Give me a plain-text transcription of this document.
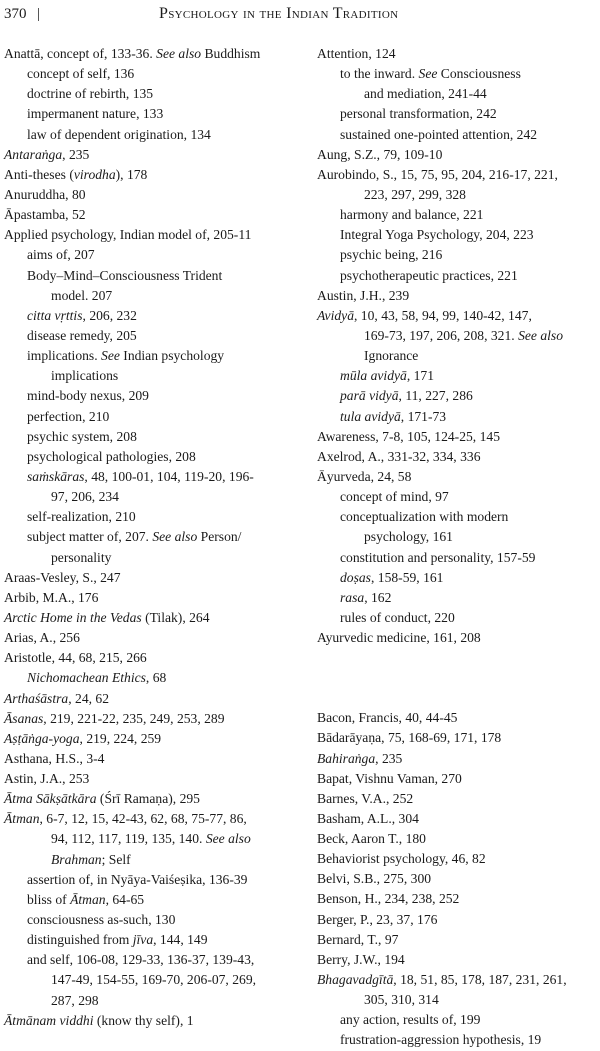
370 |	Psychology in the Indian Tradition
Anattā, concept of, 133-36. See also Buddhism
concept of self, 136
doctrine of rebirth, 135
impermanent nature, 133
law of dependent origination, 134
Antaraṅga, 235
Anti-theses (virodha), 178
Anuruddha, 80
Āpastamba, 52
Applied psychology, Indian model of, 205-11
aims of, 207
Body–Mind–Consciousness Trident
model. 207
citta vṛttis, 206, 232
disease remedy, 205
implications. See Indian psychology
implications
mind-body nexus, 209
perfection, 210
psychic system, 208
psychological pathologies, 208
saṁskāras, 48, 100-01, 104, 119-20, 196-
97, 206, 234
self-realization, 210
subject matter of, 207. See also Person/
personality
Araas-Vesley, S., 247
Arbib, M.A., 176
Arctic Home in the Vedas (Tilak), 264
Arias, A., 256
Aristotle, 44, 68, 215, 266
Nichomachean Ethics, 68
Arthaśāstra, 24, 62
Āsanas, 219, 221-22, 235, 249, 253, 289
Aṣṭāṅga-yoga, 219, 224, 259
Asthana, H.S., 3-4
Astin, J.A., 253
Ātma Sākṣātkāra (Śrī Ramaṇa), 295
Ātman, 6-7, 12, 15, 42-43, 62, 68, 75-77, 86,
94, 112, 117, 119, 135, 140. See also
Brahman; Self
assertion of, in Nyāya-Vaiśeṣika, 136-39
bliss of Ātman, 64-65
consciousness as-such, 130
distinguished from jīva, 144, 149
and self, 106-08, 129-33, 136-37, 139-43,
147-49, 154-55, 169-70, 206-07, 269,
287, 298
Ātmānam viddhi (know thy self), 1
Attention, 124
to the inward. See Consciousness
and mediation, 241-44
personal transformation, 242
sustained one-pointed attention, 242
Aung, S.Z., 79, 109-10
Aurobindo, S., 15, 75, 95, 204, 216-17, 221,
223, 297, 299, 328
harmony and balance, 221
Integral Yoga Psychology, 204, 223
psychic being, 216
psychotherapeutic practices, 221
Austin, J.H., 239
Avidyā, 10, 43, 58, 94, 99, 140-42, 147,
169-73, 197, 206, 208, 321. See also
Ignorance
mūla avidyā, 171
parā vidyā, 11, 227, 286
tula avidyā, 171-73
Awareness, 7-8, 105, 124-25, 145
Axelrod, A., 331-32, 334, 336
Āyurveda, 24, 58
concept of mind, 97
conceptualization with modern
psychology, 161
constitution and personality, 157-59
doṣas, 158-59, 161
rasa, 162
rules of conduct, 220
Ayurvedic medicine, 161, 208
Bacon, Francis, 40, 44-45
Bādarāyaṇa, 75, 168-69, 171, 178
Bahiraṅga, 235
Bapat, Vishnu Vaman, 270
Barnes, V.A., 252
Basham, A.L., 304
Beck, Aaron T., 180
Behaviorist psychology, 46, 82
Belvi, S.B., 275, 300
Benson, H., 234, 238, 252
Berger, P., 23, 37, 176
Bernard, T., 97
Berry, J.W., 194
Bhagavadgītā, 18, 51, 85, 178, 187, 231, 261,
305, 310, 314
any action, results of, 199
frustration-aggression hypothesis, 19
